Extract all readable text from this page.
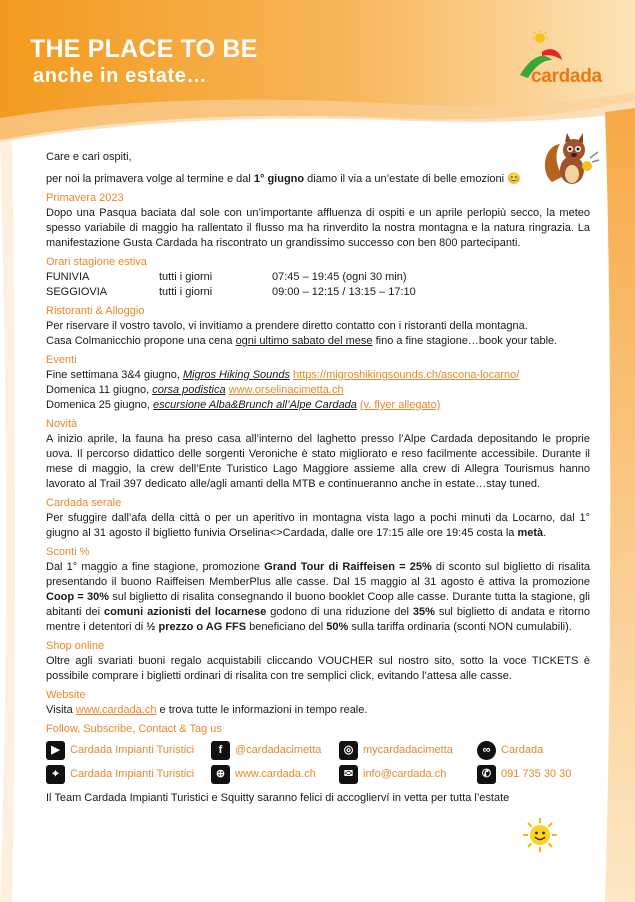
THE PLACE TO BE
anche in estate…	cardada

Care e cari ospiti,

per noi la primavera volge al termine e dal 1° giugno diamo il via a un’estate di belle emozioni 😊

Primavera 2023

Dopo una Pasqua baciata dal sole con un’importante affluenza di ospiti e un aprile perlopiù secco, la meteo spesso variabile di maggio ha rallentato il flusso ma ha rinverdito la nostra montagna e la natura ringrazia. La manifestazione Gusta Cardada ha riscontrato un grandissimo successo con ben 800 partecipanti.

Orari stagione estiva
FUNIVIA	tutti i giorni	07:45 – 19:45 (ogni 30 min)
SEGGIOVIA	tutti i giorni	09:00 – 12:15 / 13:15 – 17:10
Ristoranti & Alloggio

Per riservare il vostro tavolo, vi invitiamo a prendere diretto contatto con i ristoranti della montagna.

Casa Colmanicchio propone una cena ogni ultimo sabato del mese fino a fine stagione…book your table.

Eventi
Fine settimana 3&4 giugno, Migros Hiking Sounds https://migroshikingsounds.ch/ascona-locarno/
Domenica 11 giugno, corsa podistica www.orselinacimetta.ch
Domenica 25 giugno, escursione Alba&Brunch all’Alpe Cardada (v. flyer allegato)
Novità

A inizio aprile, la fauna ha preso casa all’interno del laghetto presso l’Alpe Cardada depositando le proprie uova. Il percorso didattico delle sorgenti Veroniche è stato migliorato e reso facilmente accessibile. Durante il mese di maggio, la crew dell’Ente Turistico Lago Maggiore assieme alla crew di Allegra Tourismus hanno lavorato al Trail 397 dedicato alle/agli amanti della MTB e continueranno anche in estate…stay tuned.

Cardada serale

Per sfuggire dall’afa della città o per un aperitivo in montagna vista lago a pochi minuti da Locarno, dal 1° giugno al 31 agosto il biglietto funivia Orselina<>Cardada, dalle ore 17:15 alle ore 19:45 costa la metà.

Sconti %

Dal 1° maggio a fine stagione, promozione Grand Tour di Raiffeisen = 25% di sconto sul biglietto di risalita presentando il buono Raiffeisen MemberPlus alle casse. Dal 15 maggio al 31 agosto è attiva la promozione Coop = 30% sul biglietto di risalita consegnando il buono booklet Coop alle casse. Durante tutta la stagione, gli abitanti dei comuni azionisti del locarnese godono di una riduzione del 35% sul biglietto di andata e ritorno mentre i detentori di ½ prezzo o AG FFS beneficiano del 50% sulla tariffa ordinaria (sconti NON cumulabili).

Shop online

Oltre agli svariati buoni regalo acquistabili cliccando VOUCHER sul nostro sito, sotto la voce TICKETS è possibile comprare i biglietti ordinari di risalita con tre semplici click, evitando l’attesa alle casse.

Website

Visita www.cardada.ch e trova tutte le informazioni in tempo reale.

Follow, Subscribe, Contact & Tag us
▶ Cardada Impianti Turistici	f	@cardadacimetta	◎ mycardadacimetta	∞ Cardada
⌖	Cardada Impianti Turistici	⊕ www.cardada.ch	✉ info@cardada.ch	✆ 091 735 30 30

Il Team Cardada Impianti Turistici e Squitty saranno felici di accoglierví in vetta per tutta l’estate
